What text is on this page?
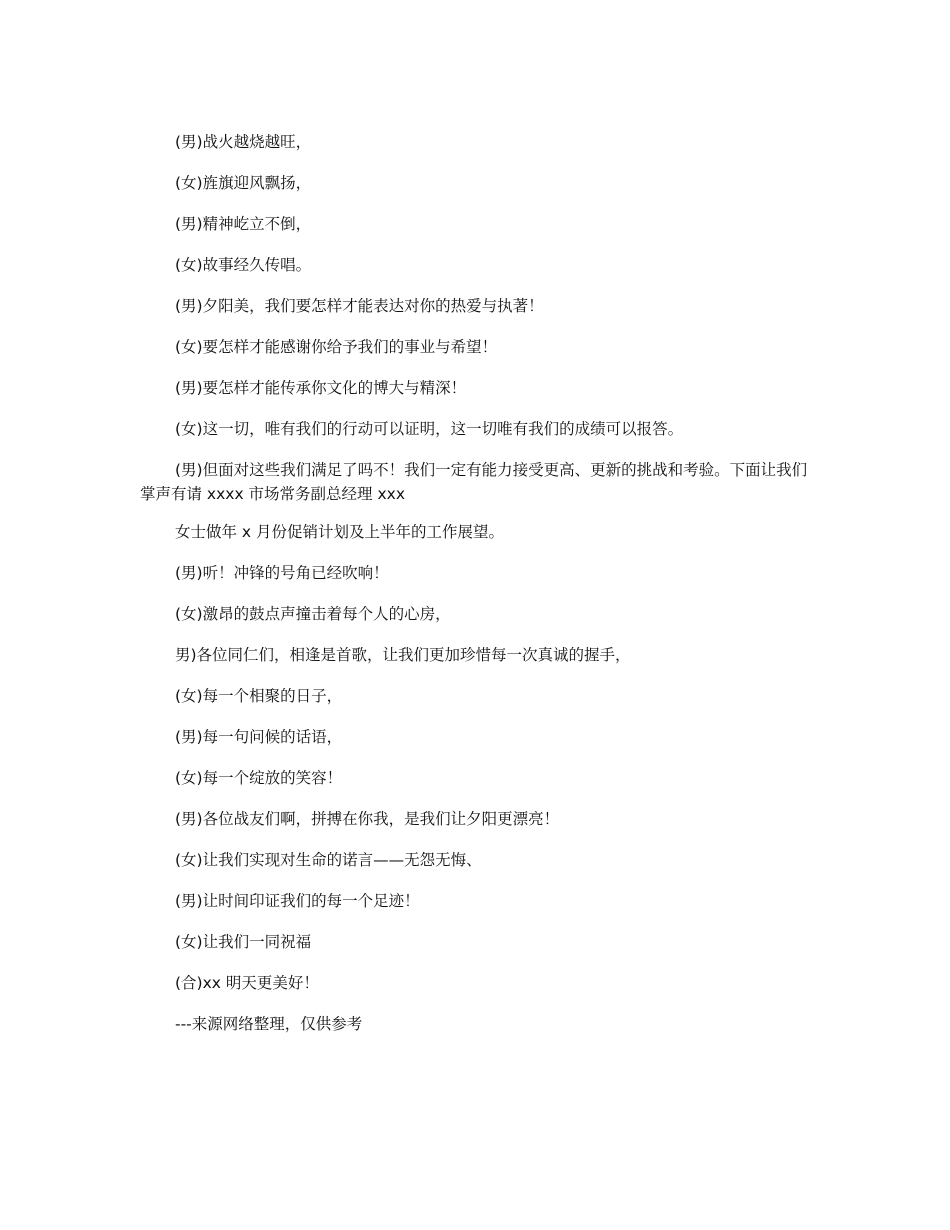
(男)战火越烧越旺，
(女)旌旗迎风飘扬，
(男)精神屹立不倒，
(女)故事经久传唱。
(男)夕阳美，我们要怎样才能表达对你的热爱与执著！
(女)要怎样才能感谢你给予我们的事业与希望！
(男)要怎样才能传承你文化的博大与精深！
(女)这一切，唯有我们的行动可以证明，这一切唯有我们的成绩可以报答。
(男)但面对这些我们满足了吗不！我们一定有能力接受更高、更新的挑战和考验。下面让我们掌声有请 xxxx 市场常务副总经理 xxx
女士做年 x 月份促销计划及上半年的工作展望。
(男)听！冲锋的号角已经吹响！
(女)激昂的鼓点声撞击着每个人的心房，
男)各位同仁们，相逢是首歌，让我们更加珍惜每一次真诚的握手，
(女)每一个相聚的日子，
(男)每一句问候的话语，
(女)每一个绽放的笑容！
(男)各位战友们啊，拼搏在你我，是我们让夕阳更漂亮！
(女)让我们实现对生命的诺言——无怨无悔、
(男)让时间印证我们的每一个足迹！
(女)让我们一同祝福
(合)xx 明天更美好！
---来源网络整理，仅供参考
